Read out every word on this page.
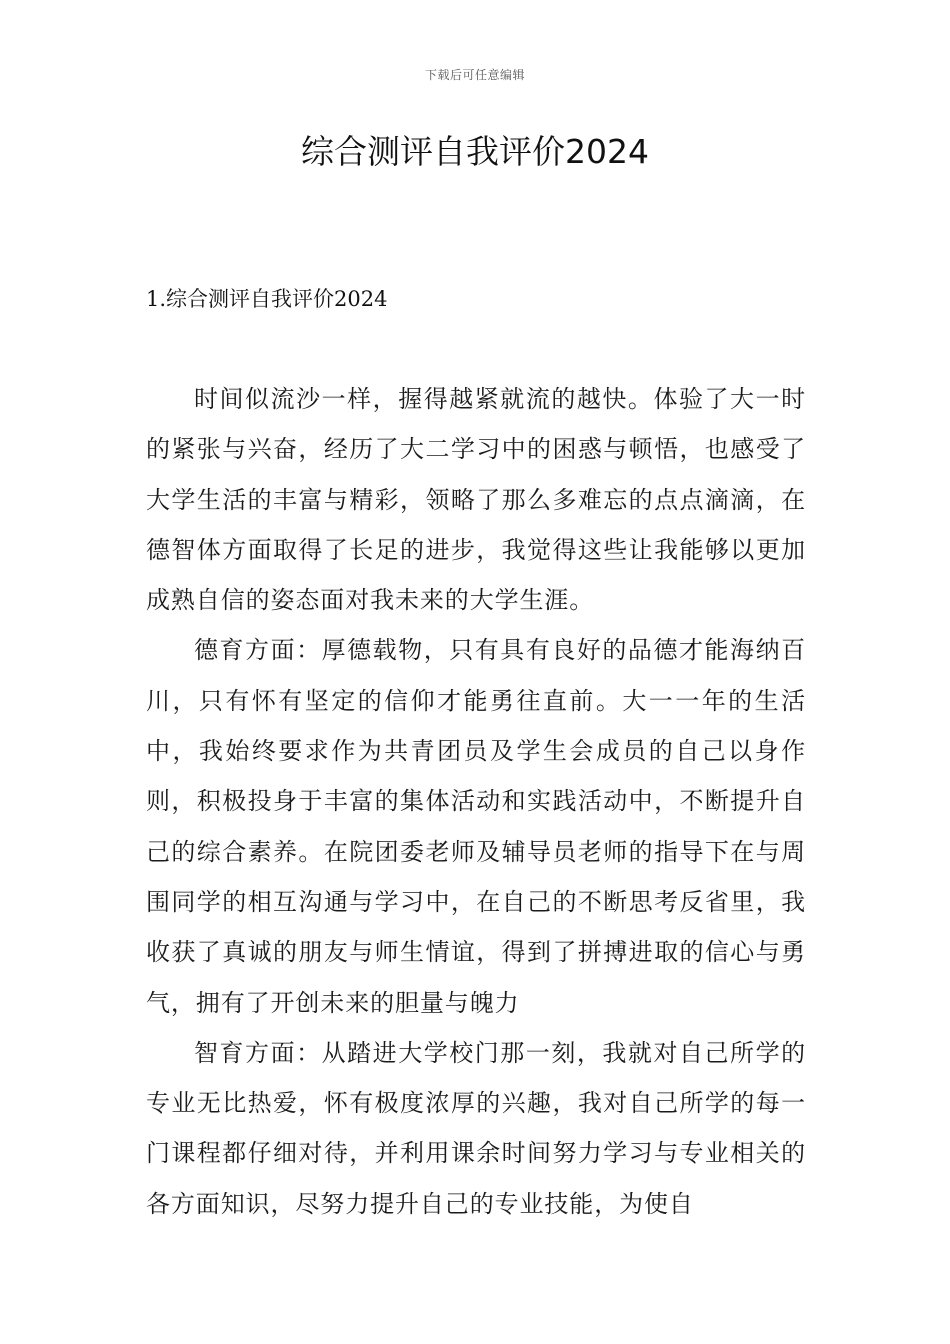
下载后可任意编辑
综合测评自我评价2024
1.综合测评自我评价2024

时间似流沙一样，握得越紧就流的越快。体验了大一时的紧张与兴奋，经历了大二学习中的困惑与顿悟，也感受了大学生活的丰富与精彩，领略了那么多难忘的点点滴滴，在德智体方面取得了长足的进步，我觉得这些让我能够以更加成熟自信的姿态面对我未来的大学生涯。

德育方面：厚德载物，只有具有良好的品德才能海纳百川，只有怀有坚定的信仰才能勇往直前。大一一年的生活中，我始终要求作为共青团员及学生会成员的自己以身作则，积极投身于丰富的集体活动和实践活动中，不断提升自己的综合素养。在院团委老师及辅导员老师的指导下在与周围同学的相互沟通与学习中，在自己的不断思考反省里，我收获了真诚的朋友与师生情谊，得到了拼搏进取的信心与勇气，拥有了开创未来的胆量与魄力

智育方面：从踏进大学校门那一刻，我就对自己所学的专业无比热爱，怀有极度浓厚的兴趣，我对自己所学的每一门课程都仔细对待，并利用课余时间努力学习与专业相关的各方面知识，尽努力提升自己的专业技能，为使自
